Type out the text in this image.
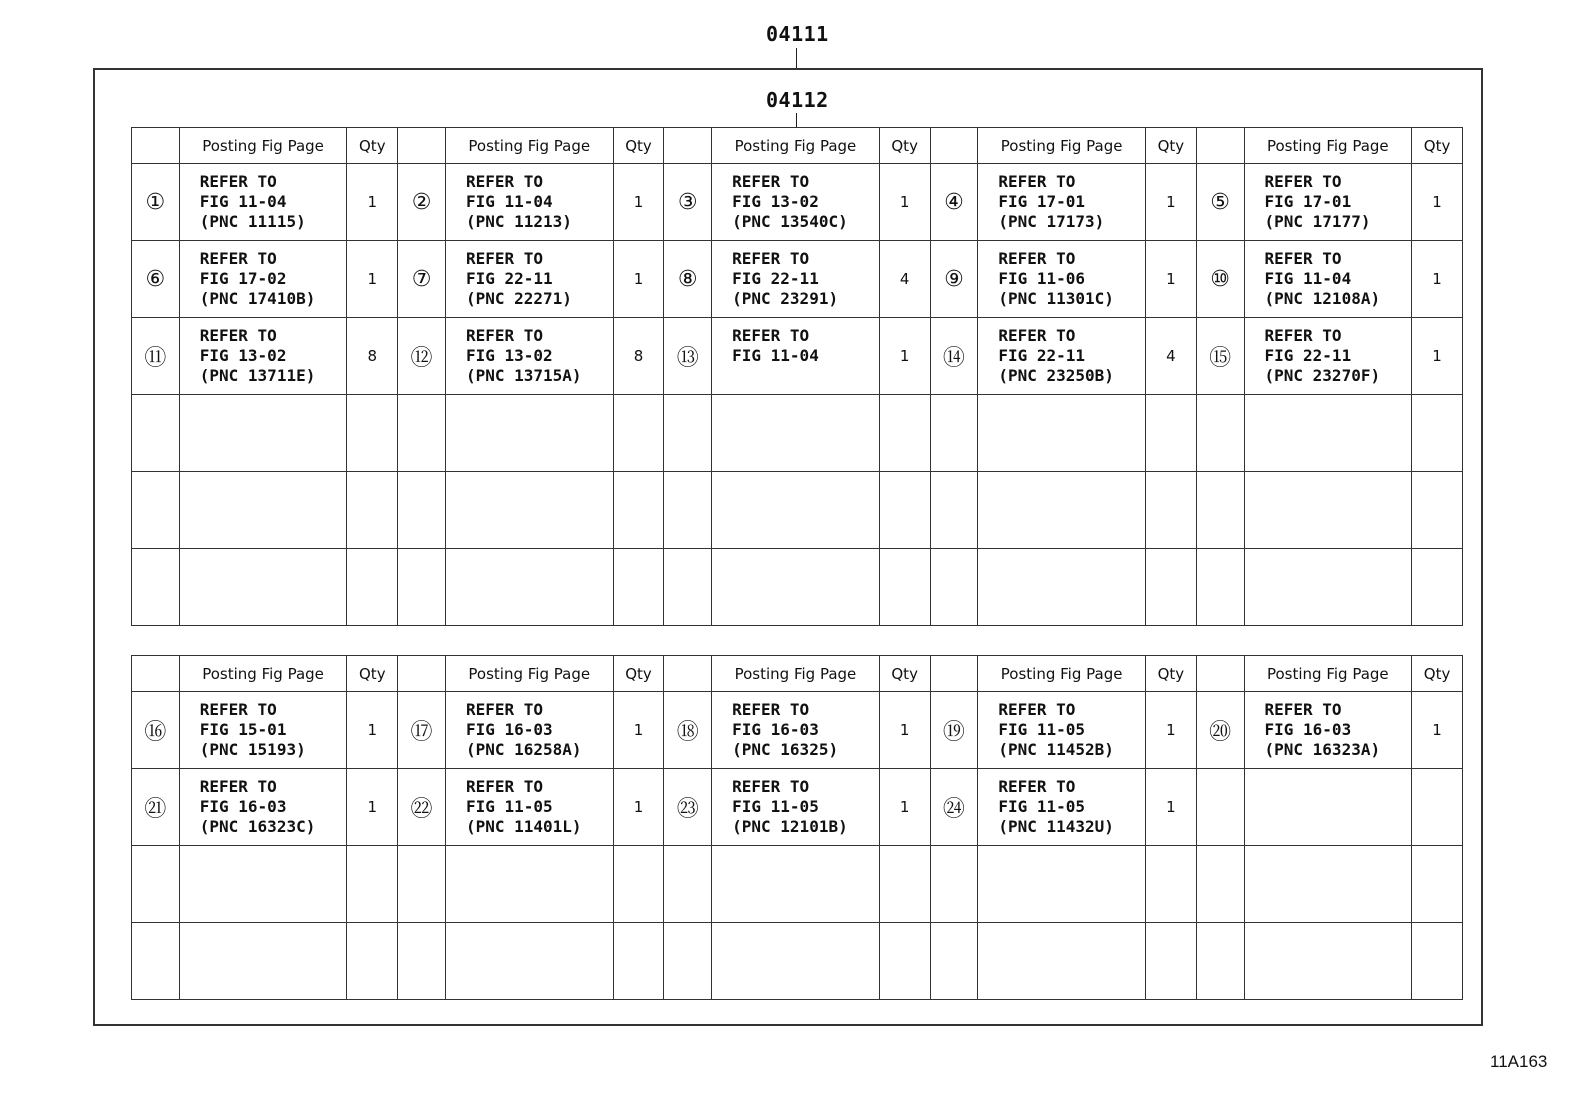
04111
04112
	Posting Fig Page	Qty		Posting Fig Page	Qty		Posting Fig Page	Qty		Posting Fig Page	Qty		Posting Fig Page	Qty
①	REFER TO
FIG 11-04
(PNC 11115)	1	②	REFER TO
FIG 11-04
(PNC 11213)	1	③	REFER TO
FIG 13-02
(PNC 13540C)	1	④	REFER TO
FIG 17-01
(PNC 17173)	1	⑤	REFER TO
FIG 17-01
(PNC 17177)	1
⑥	REFER TO
FIG 17-02
(PNC 17410B)	1	⑦	REFER TO
FIG 22-11
(PNC 22271)	1	⑧	REFER TO
FIG 22-11
(PNC 23291)	4	⑨	REFER TO
FIG 11-06
(PNC 11301C)	1	⑩	REFER TO
FIG 11-04
(PNC 12108A)	1
⑪	REFER TO
FIG 13-02
(PNC 13711E)	8	⑫	REFER TO
FIG 13-02
(PNC 13715A)	8	⑬	REFER TO
FIG 11-04	1	⑭	REFER TO
FIG 22-11
(PNC 23250B)	4	⑮	REFER TO
FIG 22-11
(PNC 23270F)	1

	Posting Fig Page	Qty		Posting Fig Page	Qty		Posting Fig Page	Qty		Posting Fig Page	Qty		Posting Fig Page	Qty
⑯	REFER TO
FIG 15-01
(PNC 15193)	1	⑰	REFER TO
FIG 16-03
(PNC 16258A)	1	⑱	REFER TO
FIG 16-03
(PNC 16325)	1	⑲	REFER TO
FIG 11-05
(PNC 11452B)	1	⑳	REFER TO
FIG 16-03
(PNC 16323A)	1
㉑	REFER TO
FIG 16-03
(PNC 16323C)	1	㉒	REFER TO
FIG 11-05
(PNC 11401L)	1	㉓	REFER TO
FIG 11-05
(PNC 12101B)	1	㉔	REFER TO
FIG 11-05
(PNC 11432U)	1		

11A163
